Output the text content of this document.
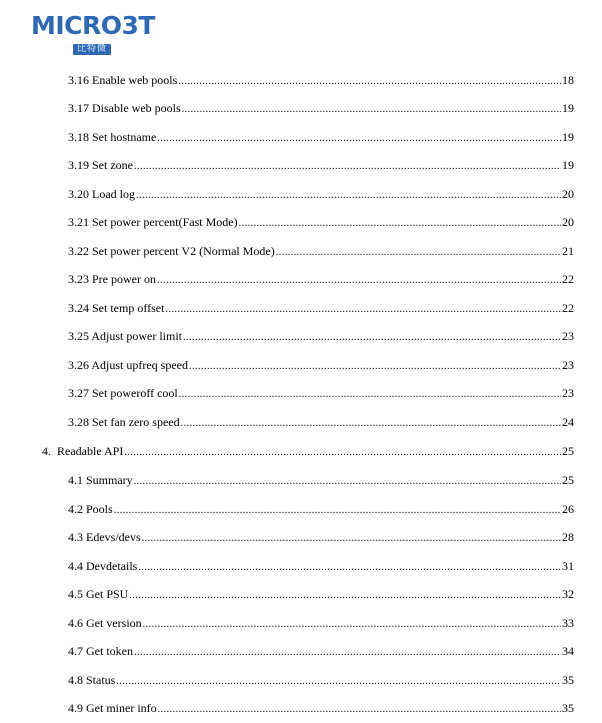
MICRO3T
比特微
3.16 Enable web pools .....	18
3.17 Disable web pools .....	19
3.18 Set hostname .....	19
3.19 Set zone .....	19
3.20 Load log .....	20
3.21 Set power percent(Fast Mode) .....	20
3.22 Set power percent V2 (Normal Mode) .....	21
3.23 Pre power on .....	22
3.24 Set temp offset .....	22
3.25 Adjust power limit .....	23
3.26 Adjust upfreq speed .....	23
3.27 Set poweroff cool .....	23
3.28 Set fan zero speed .....	24
4.  Readable API .....	25
4.1 Summary .....	25
4.2 Pools .....	26
4.3 Edevs/devs .....	28
4.4 Devdetails .....	31
4.5 Get PSU .....	32
4.6 Get version .....	33
4.7 Get token .....	34
4.8 Status .....	35
4.9 Get miner info .....	35
